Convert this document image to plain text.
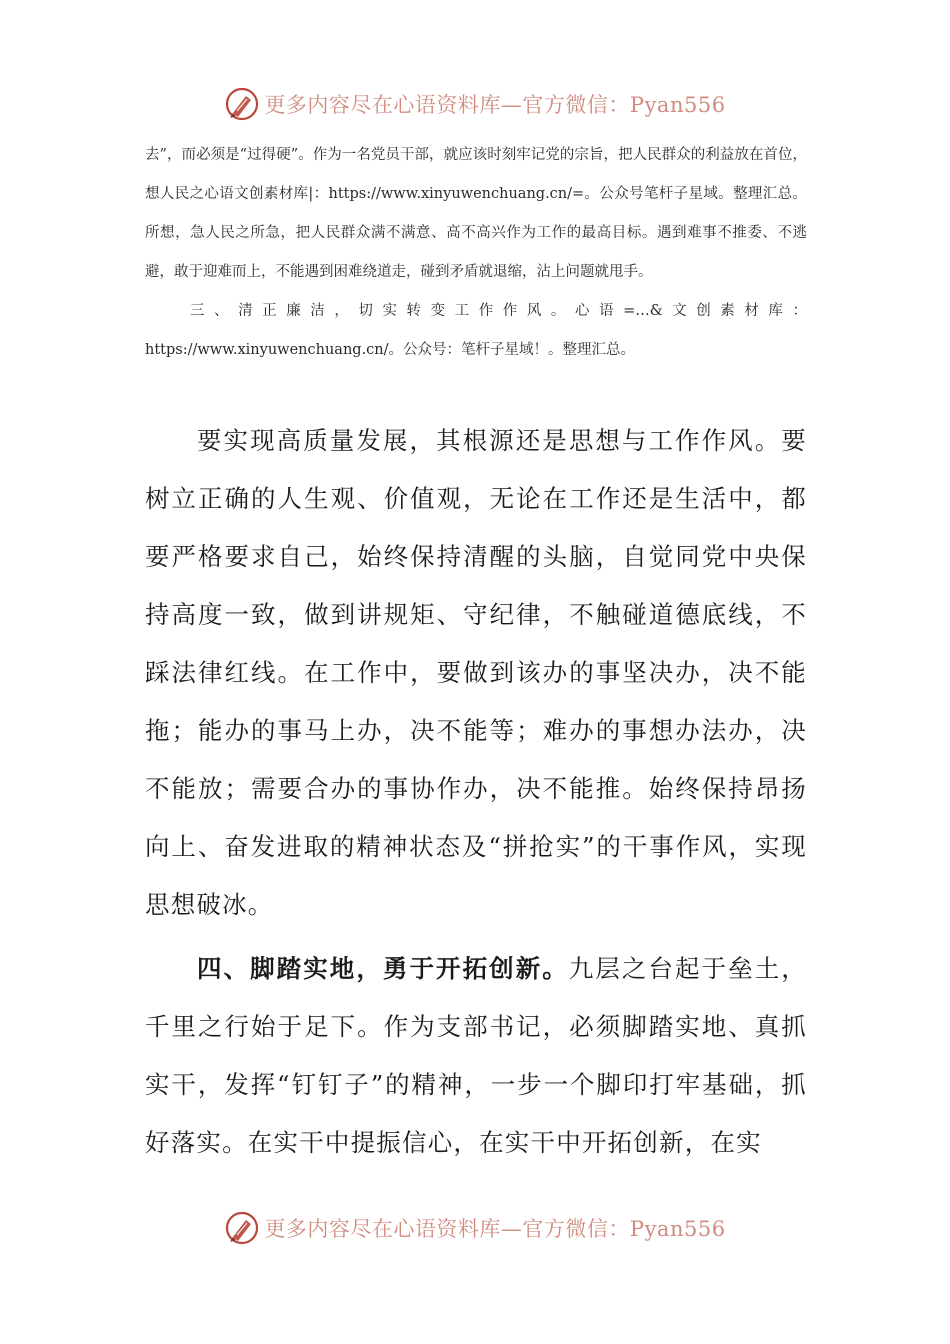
更多内容尽在心语资料库—官方微信：Pyan556

去”，而必须是“过得硬”。作为一名党员干部，就应该时刻牢记党的宗旨，把人民群众的利益放在首位，想人民之心语文创素材库|：https://www.xinyuwenchuang.cn/=。公众号笔杆子星域。整理汇总。所想，急人民之所急，把人民群众满不满意、高不高兴作为工作的最高目标。遇到难事不推委、不逃避，敢于迎难而上，不能遇到困难绕道走，碰到矛盾就退缩，沾上问题就甩手。

三、清正廉洁，切实转变工作作风。心语=…&文创素材库：https://www.xinyuwenchuang.cn/。公众号：笔杆子星域！。整理汇总。

要实现高质量发展，其根源还是思想与工作作风。要树立正确的人生观、价值观，无论在工作还是生活中，都要严格要求自己，始终保持清醒的头脑，自觉同党中央保持高度一致，做到讲规矩、守纪律，不触碰道德底线，不踩法律红线。在工作中，要做到该办的事坚决办，决不能拖；能办的事马上办，决不能等；难办的事想办法办，决不能放；需要合办的事协作办，决不能推。始终保持昂扬向上、奋发进取的精神状态及“拼抢实”的干事作风，实现思想破冰。

四、脚踏实地，勇于开拓创新。九层之台起于垒土，千里之行始于足下。作为支部书记，必须脚踏实地、真抓实干，发挥“钉钉子”的精神，一步一个脚印打牢基础，抓好落实。在实干中提振信心，在实干中开拓创新，在实

更多内容尽在心语资料库—官方微信：Pyan556
